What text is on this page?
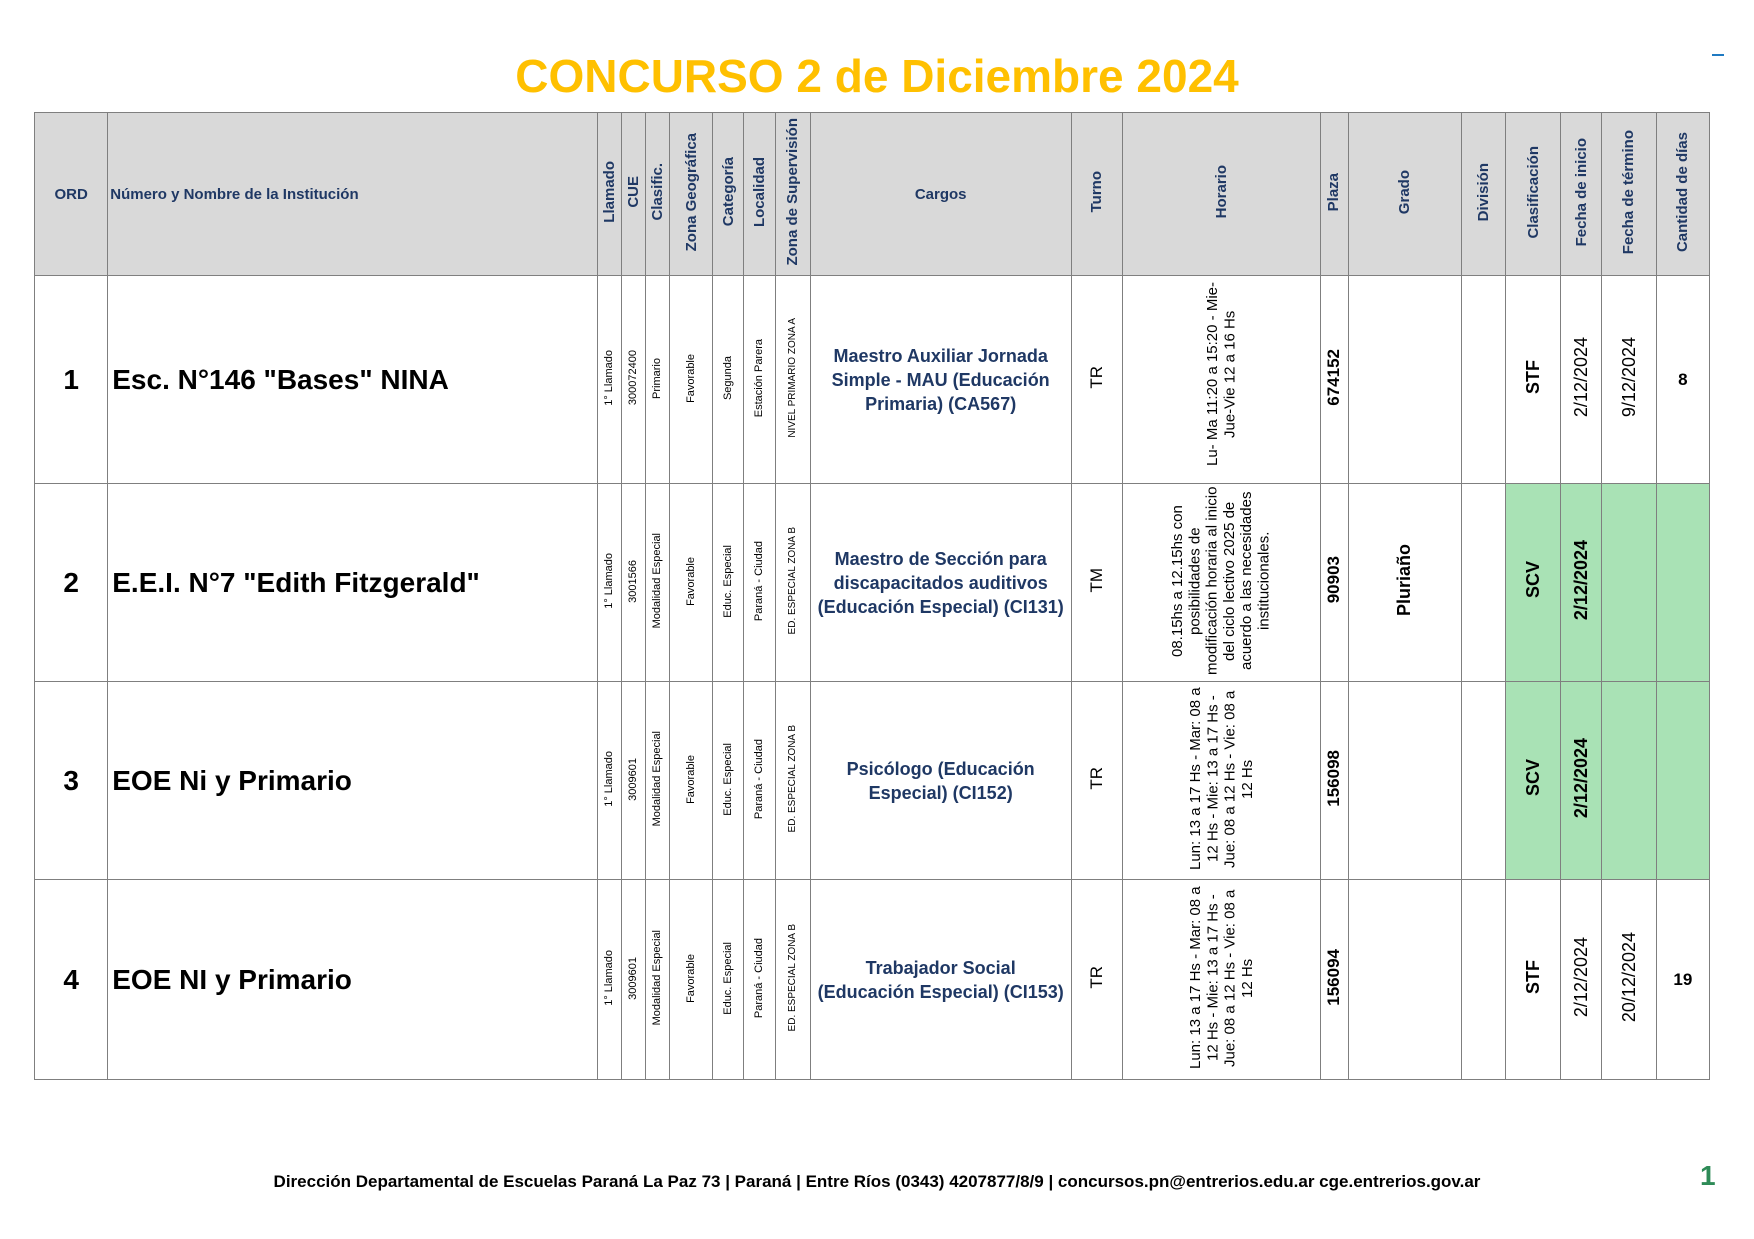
CONCURSO 2 de Diciembre 2024
ORD	Número y Nombre de la Institución	Llamado	CUE	Clasific.	Zona Geográfica	Categoría	Localidad	Zona de Supervisión	Cargos	Turno	Horario	Plaza	Grado	División	Clasificación	Fecha de inicio	Fecha de término	Cantidad de días
1	Esc. N°146 "Bases" NINA	1° Llamado	300072400	Primario	Favorable	Segunda	Estación Parera	NIVEL PRIMARIO ZONA A	Maestro Auxiliar Jornada Simple - MAU (Educación Primaria) (CA567)	TR	Lu- Ma 11:20 a 15:20 - Mie-Jue-Vie 12 a 16 Hs	674152			STF	2/12/2024	9/12/2024	8
2	E.E.I. N°7 "Edith Fitzgerald"	1° Llamado	3001566	Modalidad Especial	Favorable	Educ. Especial	Paraná - Ciudad	ED. ESPECIAL ZONA B	Maestro de Sección para discapacitados auditivos (Educación Especial) (CI131)	TM	08.15hs a 12.15hs con posibilidades de modificación horaria al inicio del ciclo lectivo 2025 de acuerdo a las necesidades institucionales.	90903	Pluriaño		SCV	2/12/2024		
3	EOE Ni y Primario	1° Llamado	3009601	Modalidad Especial	Favorable	Educ. Especial	Paraná - Ciudad	ED. ESPECIAL ZONA B	Psicólogo (Educación Especial) (CI152)	TR	Lun: 13 a 17 Hs - Mar: 08 a 12 Hs - Mie: 13 a 17 Hs - Jue: 08 a 12 Hs - Vie: 08 a 12 Hs	156098			SCV	2/12/2024		
4	EOE NI y Primario	1° Llamado	3009601	Modalidad Especial	Favorable	Educ. Especial	Paraná - Ciudad	ED. ESPECIAL ZONA B	Trabajador Social (Educación Especial) (CI153)	TR	Lun: 13 a 17 Hs - Mar: 08 a 12 Hs - Mie: 13 a 17 Hs - Jue: 08 a 12 Hs - Vie: 08 a 12 Hs	156094			STF	2/12/2024	20/12/2024	19
Dirección Departamental de Escuelas Paraná La Paz 73 | Paraná | Entre Ríos (0343) 4207877/8/9 | concursos.pn@entrerios.edu.ar cge.entrerios.gov.ar	1
